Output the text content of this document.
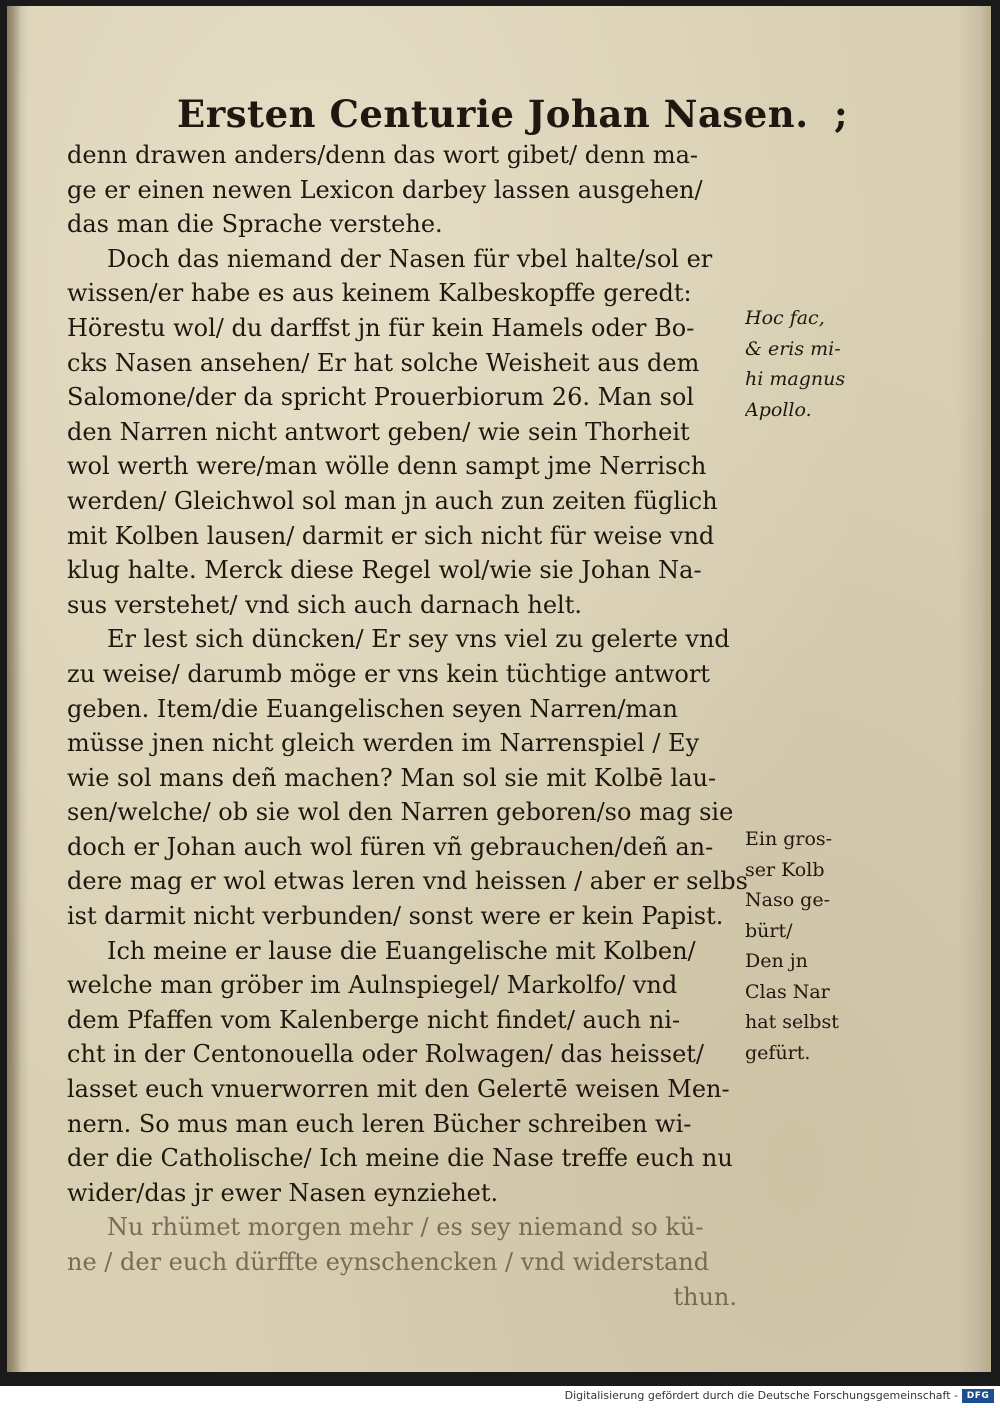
Ersten Centurie Johan Nasen. ;
denn drawen anders/denn das wort gibet/ denn ma-
ge er einen newen Lexicon darbey lassen ausgehen/
das man die Sprache verstehe.
Doch das niemand der Nasen für vbel halte/sol er
wissen/er habe es aus keinem Kalbeskopffe geredt:
Hörestu wol/ du darffst jn für kein Hamels oder Bo-
cks Nasen ansehen/ Er hat solche Weisheit aus dem
Salomone/der da spricht Prouerbiorum 26. Man sol
den Narren nicht antwort geben/ wie sein Thorheit
wol werth were/man wölle denn sampt jme Nerrisch
werden/ Gleichwol sol man jn auch zun zeiten füglich
mit Kolben lausen/ darmit er sich nicht für weise vnd
klug halte. Merck diese Regel wol/wie sie Johan Na-
sus verstehet/ vnd sich auch darnach helt.
Er lest sich düncken/ Er sey vns viel zu gelerte vnd
zu weise/ darumb möge er vns kein tüchtige antwort
geben. Item/die Euangelischen seyen Narren/man
müsse jnen nicht gleich werden im Narrenspiel / Ey
wie sol mans deñ machen? Man sol sie mit Kolbē lau-
sen/welche/ ob sie wol den Narren geboren/so mag sie
doch er Johan auch wol füren vñ gebrauchen/deñ an-
dere mag er wol etwas leren vnd heissen / aber er selbs
ist darmit nicht verbunden/ sonst were er kein Papist.
Ich meine er lause die Euangelische mit Kolben/
welche man gröber im Aulnspiegel/ Markolfo/ vnd
dem Pfaffen vom Kalenberge nicht findet/ auch ni-
cht in der Centonouella oder Rolwagen/ das heisset/
lasset euch vnuerworren mit den Gelertē weisen Men-
nern. So mus man euch leren Bücher schreiben wi-
der die Catholische/ Ich meine die Nase treffe euch nu
wider/das jr ewer Nasen eynziehet.
Nu rhümet morgen mehr / es sey niemand so kü-
ne / der euch dürffte eynschencken / vnd widerstand
thun.
Hoc fac,
& eris mi-
hi magnus
Apollo.
Ein gros-
ser Kolb
Naso ge-
bürt/
Den jn
Clas Nar
hat selbst
gefürt.
Digitalisierung gefördert durch die Deutsche Forschungsgemeinschaft - DFG
